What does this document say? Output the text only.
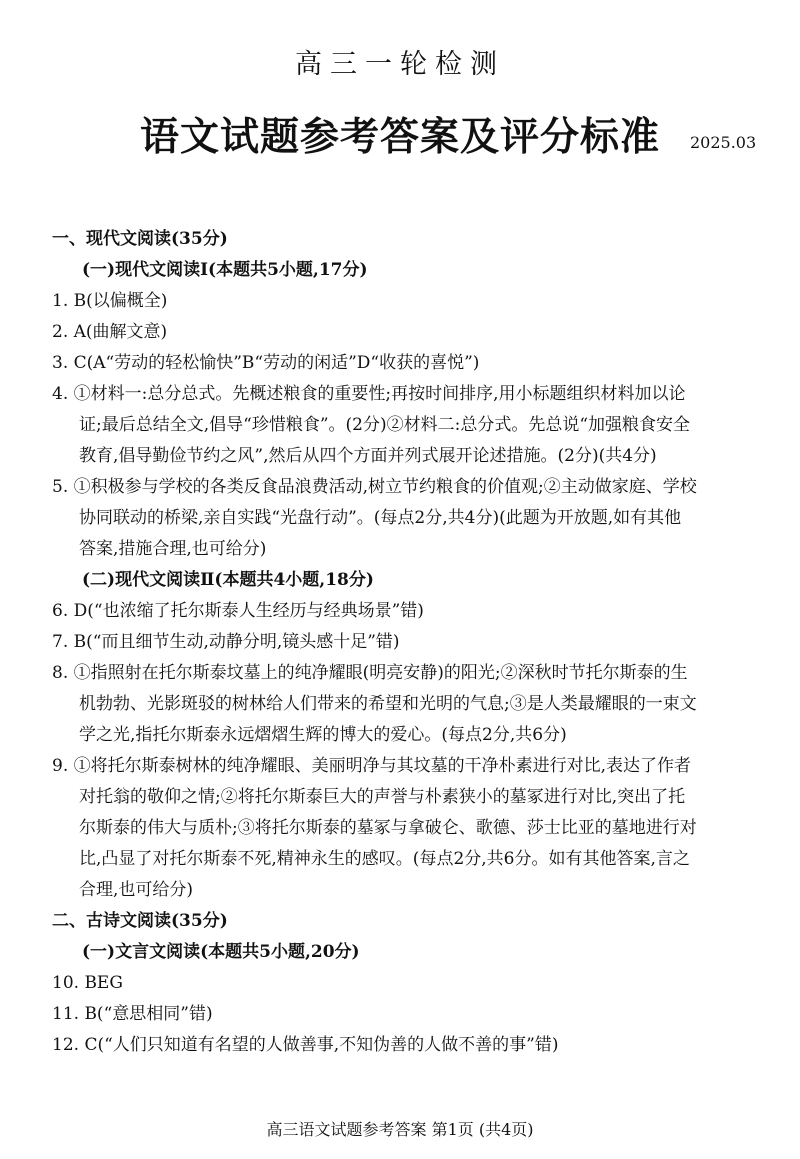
高三一轮检测
语文试题参考答案及评分标准	2025.03
一、现代文阅读(35分)
(一)现代文阅读Ⅰ(本题共5小题,17分)
1. B(以偏概全)
2. A(曲解文意)
3. C(A“劳动的轻松愉快”B“劳动的闲适”D“收获的喜悦”)
4. ①材料一:总分总式。先概述粮食的重要性;再按时间排序,用小标题组织材料加以论
证;最后总结全文,倡导“珍惜粮食”。(2分)②材料二:总分式。先总说“加强粮食安全
教育,倡导勤俭节约之风”,然后从四个方面并列式展开论述措施。(2分)(共4分)
5. ①积极参与学校的各类反食品浪费活动,树立节约粮食的价值观;②主动做家庭、学校
协同联动的桥梁,亲自实践“光盘行动”。(每点2分,共4分)(此题为开放题,如有其他
答案,措施合理,也可给分)
(二)现代文阅读Ⅱ(本题共4小题,18分)
6. D(“也浓缩了托尔斯泰人生经历与经典场景”错)
7. B(“而且细节生动,动静分明,镜头感十足”错)
8. ①指照射在托尔斯泰坟墓上的纯净耀眼(明亮安静)的阳光;②深秋时节托尔斯泰的生
机勃勃、光影斑驳的树林给人们带来的希望和光明的气息;③是人类最耀眼的一束文
学之光,指托尔斯泰永远熠熠生辉的博大的爱心。(每点2分,共6分)
9. ①将托尔斯泰树林的纯净耀眼、美丽明净与其坟墓的干净朴素进行对比,表达了作者
对托翁的敬仰之情;②将托尔斯泰巨大的声誉与朴素狭小的墓冢进行对比,突出了托
尔斯泰的伟大与质朴;③将托尔斯泰的墓冢与拿破仑、歌德、莎士比亚的墓地进行对
比,凸显了对托尔斯泰不死,精神永生的感叹。(每点2分,共6分。如有其他答案,言之
合理,也可给分)
二、古诗文阅读(35分)
(一)文言文阅读(本题共5小题,20分)
10. BEG
11. B(“意思相同”错)
12. C(“人们只知道有名望的人做善事,不知伪善的人做不善的事”错)
高三语文试题参考答案 第1页 (共4页)
